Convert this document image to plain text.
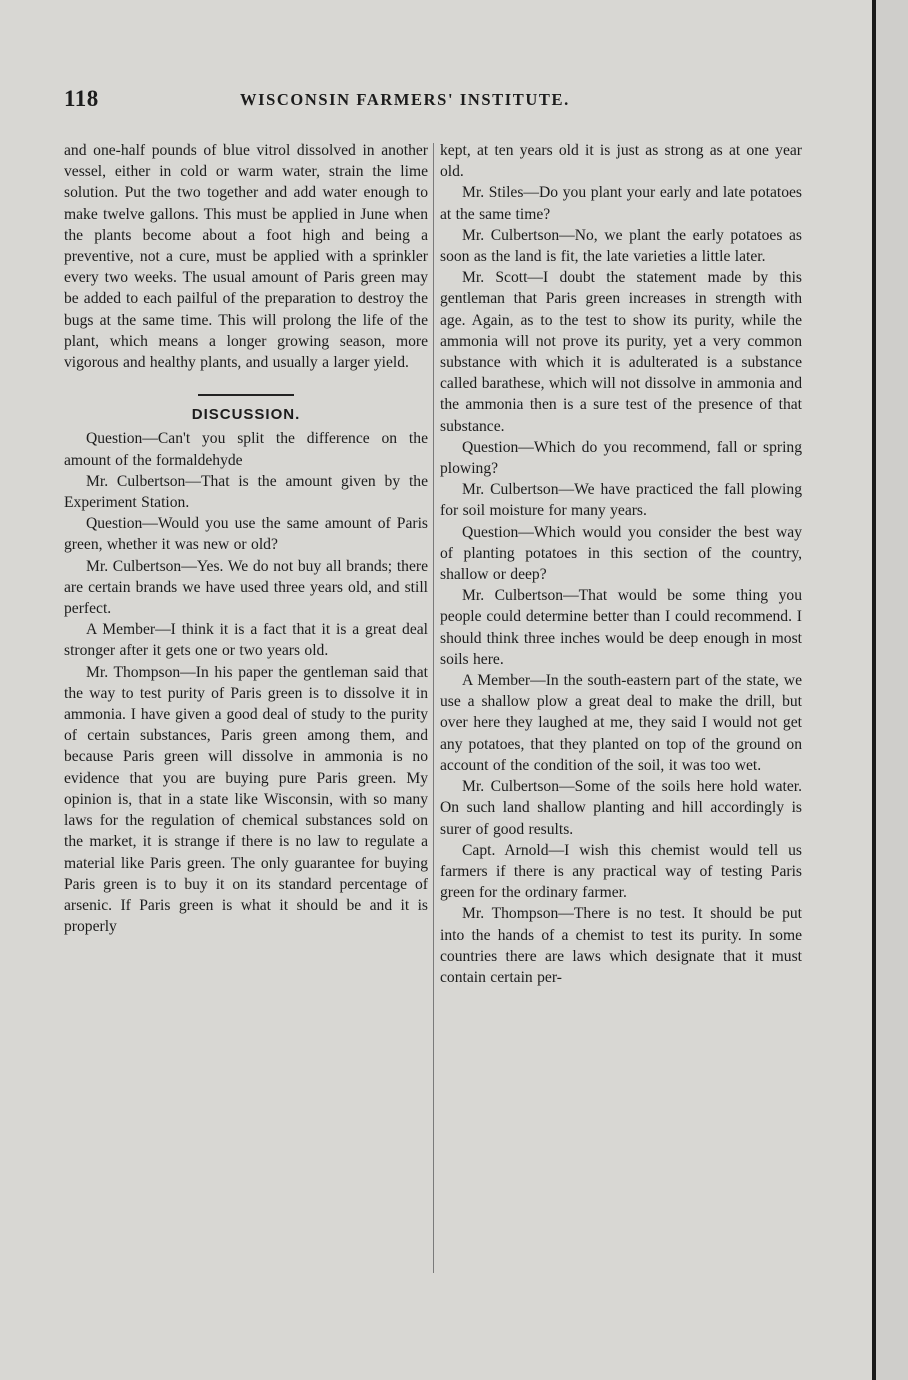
118	WISCONSIN FARMERS' INSTITUTE.

and one-half pounds of blue vitrol dissolved in another vessel, either in cold or warm water, strain the lime solution. Put the two together and add water enough to make twelve gallons. This must be applied in June when the plants become about a foot high and being a preventive, not a cure, must be applied with a sprinkler every two weeks. The usual amount of Paris green may be added to each pailful of the preparation to destroy the bugs at the same time. This will prolong the life of the plant, which means a longer growing season, more vigorous and healthy plants, and usually a larger yield.

DISCUSSION.

Question—Can't you split the difference on the amount of the formaldehyde

Mr. Culbertson—That is the amount given by the Experiment Station.

Question—Would you use the same amount of Paris green, whether it was new or old?

Mr. Culbertson—Yes. We do not buy all brands; there are certain brands we have used three years old, and still perfect.

A Member—I think it is a fact that it is a great deal stronger after it gets one or two years old.

Mr. Thompson—In his paper the gentleman said that the way to test purity of Paris green is to dissolve it in ammonia. I have given a good deal of study to the purity of certain substances, Paris green among them, and because Paris green will dissolve in ammonia is no evidence that you are buying pure Paris green. My opinion is, that in a state like Wisconsin, with so many laws for the regulation of chemical substances sold on the market, it is strange if there is no law to regulate a material like Paris green. The only guarantee for buying Paris green is to buy it on its standard percentage of arsenic. If Paris green is what it should be and it is properly

kept, at ten years old it is just as strong as at one year old.

Mr. Stiles—Do you plant your early and late potatoes at the same time?

Mr. Culbertson—No, we plant the early potatoes as soon as the land is fit, the late varieties a little later.

Mr. Scott—I doubt the statement made by this gentleman that Paris green increases in strength with age. Again, as to the test to show its purity, while the ammonia will not prove its purity, yet a very common substance with which it is adulterated is a substance called barathese, which will not dissolve in ammonia and the ammonia then is a sure test of the presence of that substance.

Question—Which do you recommend, fall or spring plowing?

Mr. Culbertson—We have practiced the fall plowing for soil moisture for many years.

Question—Which would you consider the best way of planting potatoes in this section of the country, shallow or deep?

Mr. Culbertson—That would be some thing you people could determine better than I could recommend. I should think three inches would be deep enough in most soils here.

A Member—In the south-eastern part of the state, we use a shallow plow a great deal to make the drill, but over here they laughed at me, they said I would not get any potatoes, that they planted on top of the ground on account of the condition of the soil, it was too wet.

Mr. Culbertson—Some of the soils here hold water. On such land shallow planting and hill accordingly is surer of good results.

Capt. Arnold—I wish this chemist would tell us farmers if there is any practical way of testing Paris green for the ordinary farmer.

Mr. Thompson—There is no test. It should be put into the hands of a chemist to test its purity. In some countries there are laws which designate that it must contain certain per-
